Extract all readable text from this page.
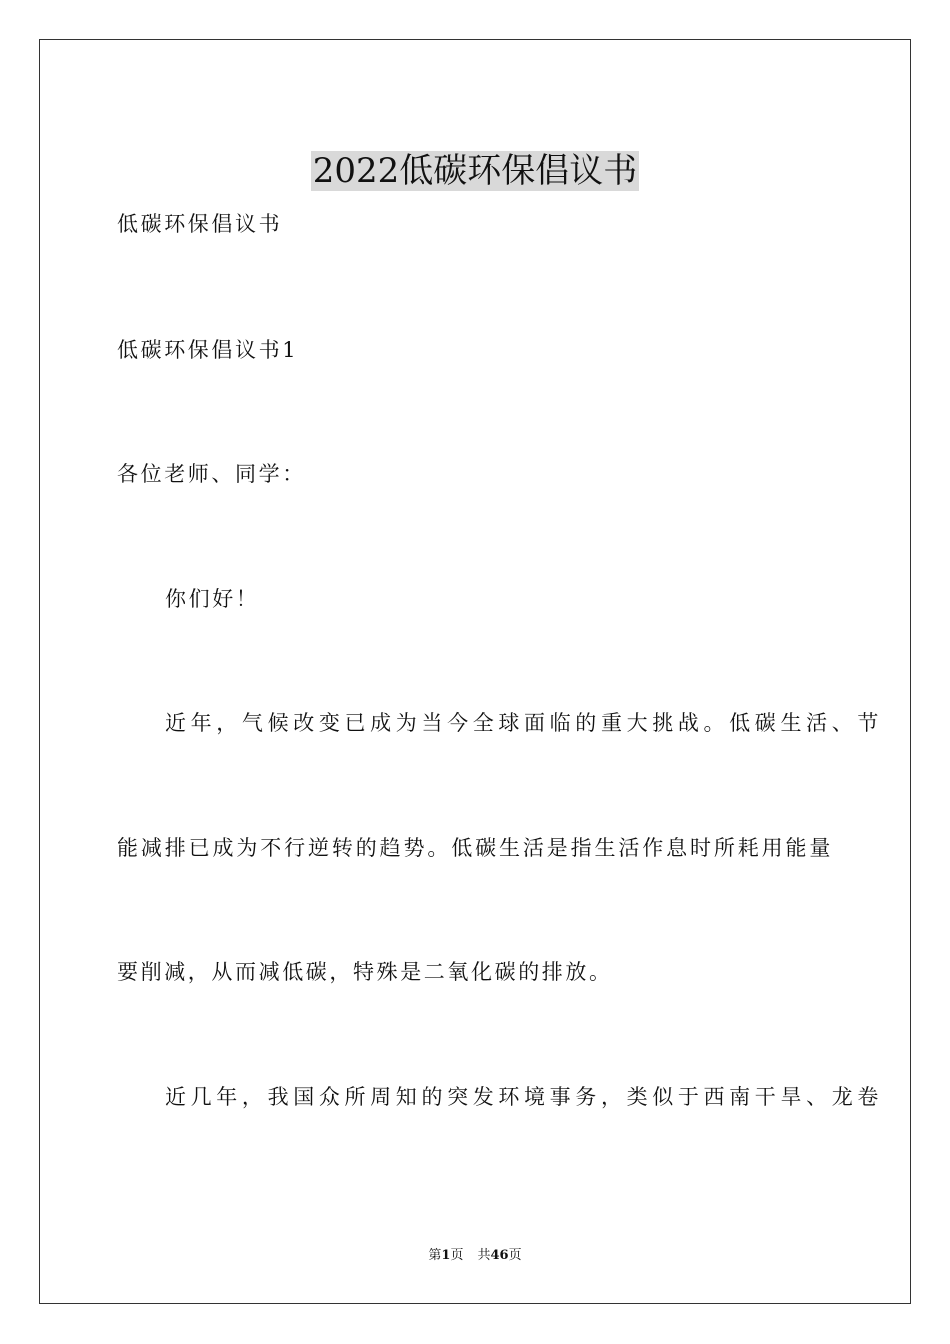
2022低碳环保倡议书

低碳环保倡议书

低碳环保倡议书1

各位老师、同学：

你们好！

近年，气候改变已成为当今全球面临的重大挑战。低碳生活、节

能减排已成为不行逆转的趋势。低碳生活是指生活作息时所耗用能量

要削减，从而减低碳，特殊是二氧化碳的排放。

近几年，我国众所周知的突发环境事务，类似于西南干旱、龙卷

第1页 共46页
